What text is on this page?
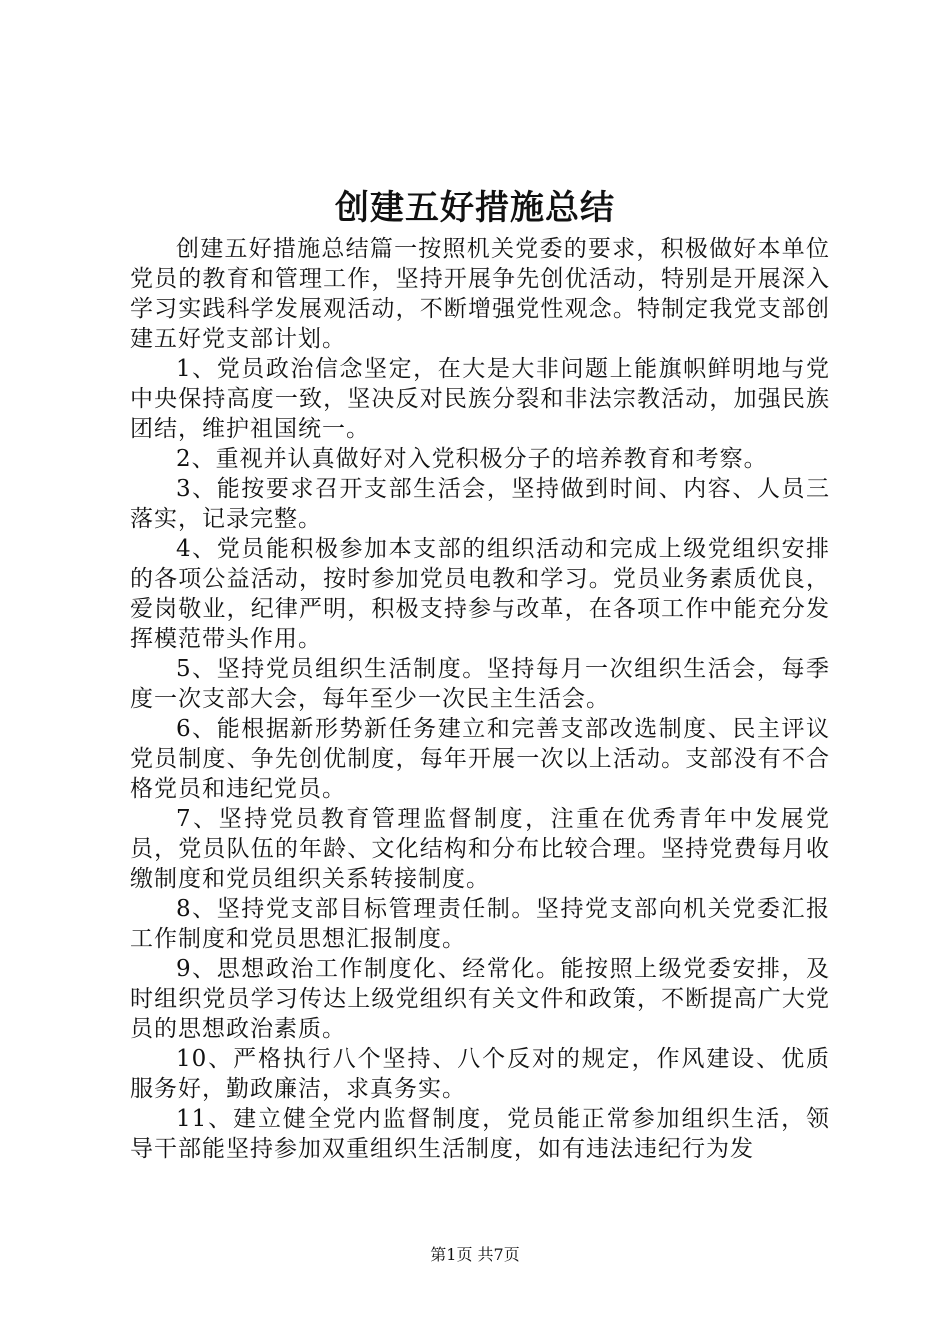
创建五好措施总结

创建五好措施总结篇一按照机关党委的要求，积极做好本单位党员的教育和管理工作，坚持开展争先创优活动，特别是开展深入学习实践科学发展观活动，不断增强党性观念。特制定我党支部创建五好党支部计划。

1、党员政治信念坚定，在大是大非问题上能旗帜鲜明地与党中央保持高度一致，坚决反对民族分裂和非法宗教活动，加强民族团结，维护祖国统一。

2、重视并认真做好对入党积极分子的培养教育和考察。

3、能按要求召开支部生活会，坚持做到时间、内容、人员三落实，记录完整。

4、党员能积极参加本支部的组织活动和完成上级党组织安排的各项公益活动，按时参加党员电教和学习。党员业务素质优良，爱岗敬业，纪律严明，积极支持参与改革，在各项工作中能充分发挥模范带头作用。

5、坚持党员组织生活制度。坚持每月一次组织生活会，每季度一次支部大会，每年至少一次民主生活会。

6、能根据新形势新任务建立和完善支部改选制度、民主评议党员制度、争先创优制度，每年开展一次以上活动。支部没有不合格党员和违纪党员。

7、坚持党员教育管理监督制度，注重在优秀青年中发展党员，党员队伍的年龄、文化结构和分布比较合理。坚持党费每月收缴制度和党员组织关系转接制度。

8、坚持党支部目标管理责任制。坚持党支部向机关党委汇报工作制度和党员思想汇报制度。

9、思想政治工作制度化、经常化。能按照上级党委安排，及时组织党员学习传达上级党组织有关文件和政策，不断提高广大党员的思想政治素质。

10、严格执行八个坚持、八个反对的规定，作风建设、优质服务好，勤政廉洁，求真务实。

11、建立健全党内监督制度，党员能正常参加组织生活，领导干部能坚持参加双重组织生活制度，如有违法违纪行为发

第1页 共7页
